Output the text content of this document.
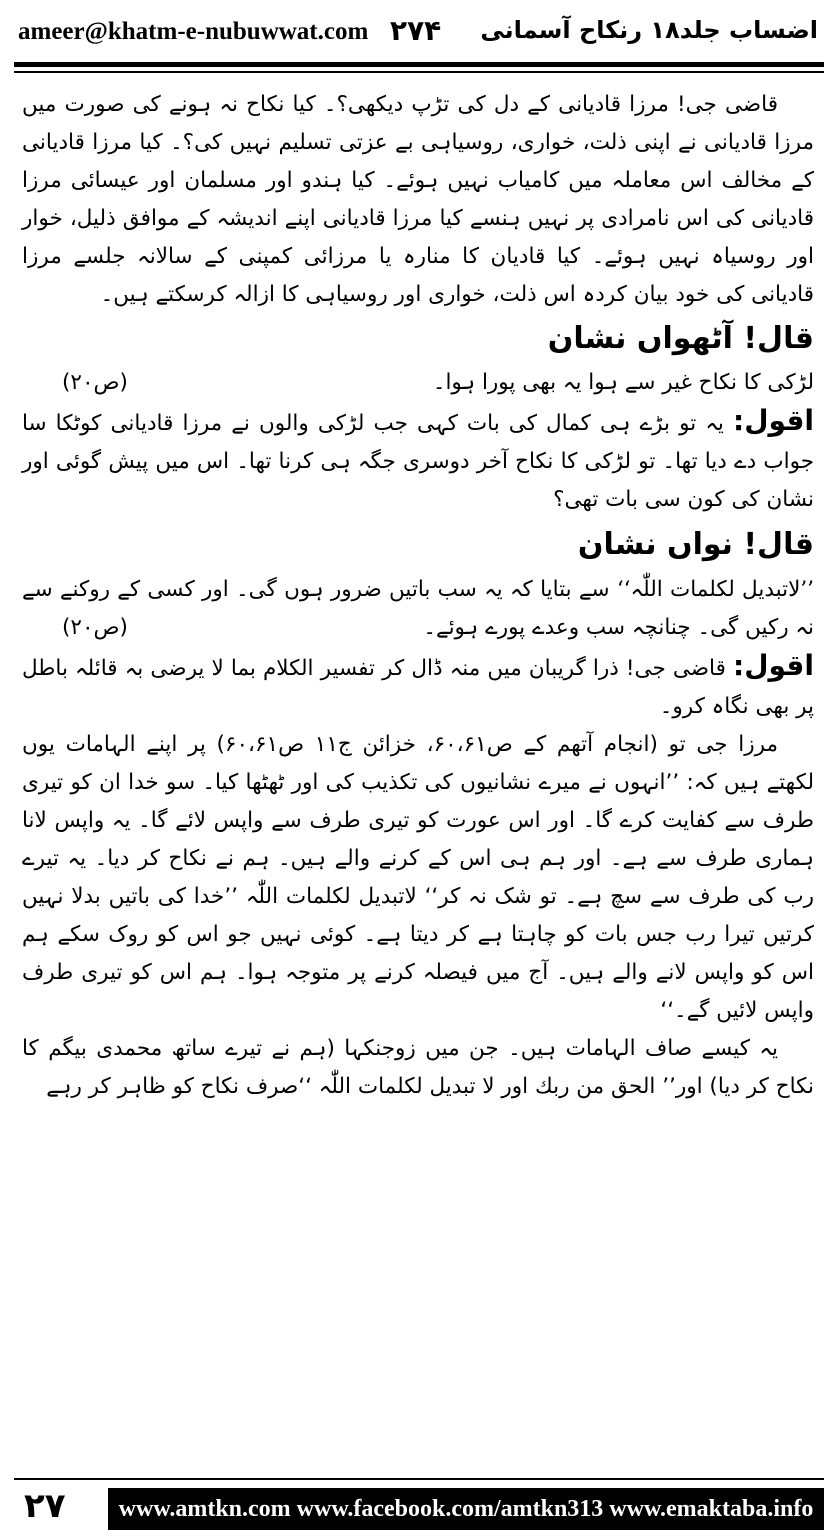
ameer@khatm-e-nubuwwat.com ۲۷۴ اضساب جلد۱۸ رنکاح آسمانی

قاضی جی! مرزا قادیانی کے دل کی تڑپ دیکھی؟۔ کیا نکاح نہ ہونے کی صورت میں مرزا قادیانی نے اپنی ذلت، خواری، روسیاہی بے عزتی تسلیم نہیں کی؟۔ کیا مرزا قادیانی کے مخالف اس معاملہ میں کامیاب نہیں ہوئے۔ کیا ہندو اور مسلمان اور عیسائی مرزا قادیانی کی اس نامرادی پر نہیں ہنسے کیا مرزا قادیانی اپنے اندیشہ کے موافق ذلیل، خوار اور روسیاہ نہیں ہوئے۔ کیا قادیان کا منارہ یا مرزائی کمپنی کے سالانہ جلسے مرزا قادیانی کی خود بیان کردہ اس ذلت، خواری اور روسیاہی کا ازالہ کرسکتے ہیں۔

قال! آٹھواں نشان

لڑکی کا نکاح غیر سے ہوا یہ بھی پورا ہوا۔
(ص۲۰)

اقول: یہ تو بڑے ہی کمال کی بات کہی جب لڑکی والوں نے مرزا قادیانی کوٹکا سا جواب دے دیا تھا۔ تو لڑکی کا نکاح آخر دوسری جگہ ہی کرنا تھا۔ اس میں پیش گوئی اور نشان کی کون سی بات تھی؟

قال! نواں نشان

’’لاتبدیل لکلمات اللّٰہ‘‘ سے بتایا کہ یہ سب باتیں ضرور ہوں گی۔ اور کسی کے روکنے سے نہ رکیں گی۔ چنانچہ سب وعدے پورے ہوئے۔
(ص۲۰)

اقول: قاضی جی! ذرا گریبان میں منہ ڈال کر تفسیر الکلام بما لا یرضی بہ قائلہ باطل پر بھی نگاہ کرو۔

مرزا جی تو (انجام آتھم کے ص۶۰،۶۱، خزائن ج۱۱ ص۶۰،۶۱) پر اپنے الہامات یوں لکھتے ہیں کہ: ’’انہوں نے میرے نشانیوں کی تکذیب کی اور ٹھٹھا کیا۔ سو خدا ان کو تیری طرف سے کفایت کرے گا۔ اور اس عورت کو تیری طرف سے واپس لائے گا۔ یہ واپس لانا ہماری طرف سے ہے۔ اور ہم ہی اس کے کرنے والے ہیں۔ ہم نے نکاح کر دیا۔ یہ تیرے رب کی طرف سے سچ ہے۔ تو شک نہ کر‘‘ لاتبدیل لکلمات اللّٰہ ’’خدا کی باتیں بدلا نہیں کرتیں تیرا رب جس بات کو چاہتا ہے کر دیتا ہے۔ کوئی نہیں جو اس کو روک سکے ہم اس کو واپس لانے والے ہیں۔ آج میں فیصلہ کرنے پر متوجہ ہوا۔ ہم اس کو تیری طرف واپس لائیں گے۔‘‘

یہ کیسے صاف الہامات ہیں۔ جن میں زوجنکہا (ہم نے تیرے ساتھ محمدی بیگم کا نکاح کر دیا) اور’’ الحق من ربك اور لا تبدیل لکلمات اللّٰہ ‘‘صرف نکاح کو ظاہر کر رہے

۲۷	www.amtkn.com www.facebook.com/amtkn313 www.emaktaba.info
